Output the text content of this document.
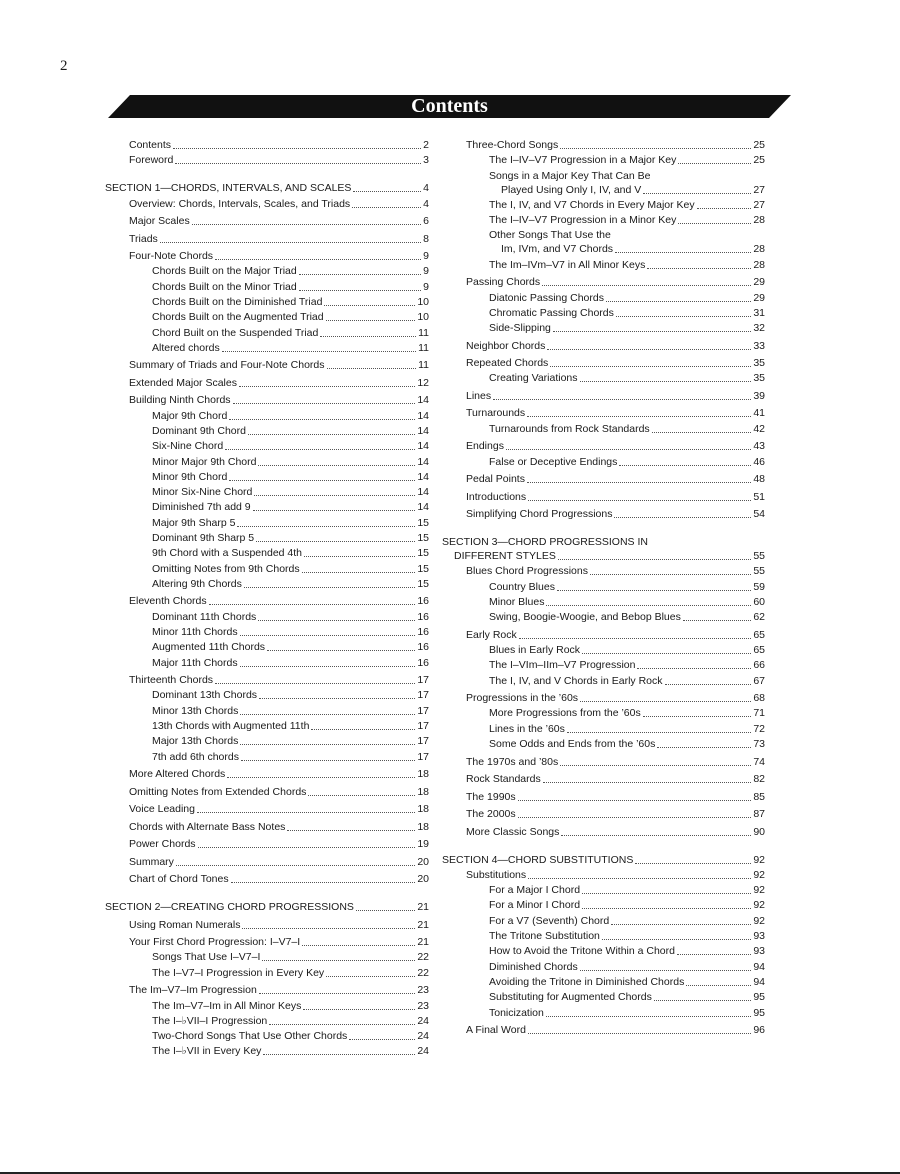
2
Contents
Contents	2
Foreword	3
SECTION 1—CHORDS, INTERVALS, AND SCALES	4
Overview: Chords, Intervals, Scales, and Triads	4
Major Scales	6
Triads	8
Four-Note Chords	9
Chords Built on the Major Triad	9
Chords Built on the Minor Triad	9
Chords Built on the Diminished Triad	10
Chords Built on the Augmented Triad	10
Chord Built on the Suspended Triad	11
Altered chords	11
Summary of Triads and Four-Note Chords	11
Extended Major Scales	12
Building Ninth Chords	14
Major 9th Chord	14
Dominant 9th Chord	14
Six-Nine Chord	14
Minor Major 9th Chord	14
Minor 9th Chord	14
Minor Six-Nine Chord	14
Diminished 7th add 9	14
Major 9th Sharp 5	15
Dominant 9th Sharp 5	15
9th Chord with a Suspended 4th	15
Omitting Notes from 9th Chords	15
Altering 9th Chords	15
Eleventh Chords	16
Dominant 11th Chords	16
Minor 11th Chords	16
Augmented 11th Chords	16
Major 11th Chords	16
Thirteenth Chords	17
Dominant 13th Chords	17
Minor 13th Chords	17
13th Chords with Augmented 11th	17
Major 13th Chords	17
7th add 6th chords	17
More Altered Chords	18
Omitting Notes from Extended Chords	18
Voice Leading	18
Chords with Alternate Bass Notes	18
Power Chords	19
Summary	20
Chart of Chord Tones	20
SECTION 2—CREATING CHORD PROGRESSIONS	21
Using Roman Numerals	21
Your First Chord Progression: I–V7–I	21
Songs That Use I–V7–I	22
The I–V7–I Progression in Every Key	22
The Im–V7–Im Progression	23
The Im–V7–Im in All Minor Keys	23
The I–♭VII–I Progression	24
Two-Chord Songs That Use Other Chords	24
The I–♭VII in Every Key	24
Three-Chord Songs	25
The I–IV–V7 Progression in a Major Key	25
Songs in a Major Key That Can Be
Played Using Only I, IV, and V	27
The I, IV, and V7 Chords in Every Major Key	27
The I–IV–V7 Progression in a Minor Key	28
Other Songs That Use the
Im, IVm, and V7 Chords	28
The Im–IVm–V7 in All Minor Keys	28
Passing Chords	29
Diatonic Passing Chords	29
Chromatic Passing Chords	31
Side-Slipping	32
Neighbor Chords	33
Repeated Chords	35
Creating Variations	35
Lines	39
Turnarounds	41
Turnarounds from Rock Standards	42
Endings	43
False or Deceptive Endings	46
Pedal Points	48
Introductions	51
Simplifying Chord Progressions	54
SECTION 3—CHORD PROGRESSIONS IN
DIFFERENT STYLES	55
Blues Chord Progressions	55
Country Blues	59
Minor Blues	60
Swing, Boogie-Woogie, and Bebop Blues	62
Early Rock	65
Blues in Early Rock	65
The I–VIm–IIm–V7 Progression	66
The I, IV, and V Chords in Early Rock	67
Progressions in the ’60s	68
More Progressions from the ’60s	71
Lines in the ’60s	72
Some Odds and Ends from the ’60s	73
The 1970s and ’80s	74
Rock Standards	82
The 1990s	85
The 2000s	87
More Classic Songs	90
SECTION 4—CHORD SUBSTITUTIONS	92
Substitutions	92
For a Major I Chord	92
For a Minor I Chord	92
For a V7 (Seventh) Chord	92
The Tritone Substitution	93
How to Avoid the Tritone Within a Chord	93
Diminished Chords	94
Avoiding the Tritone in Diminished Chords	94
Substituting for Augmented Chords	95
Tonicization	95
A Final Word	96
